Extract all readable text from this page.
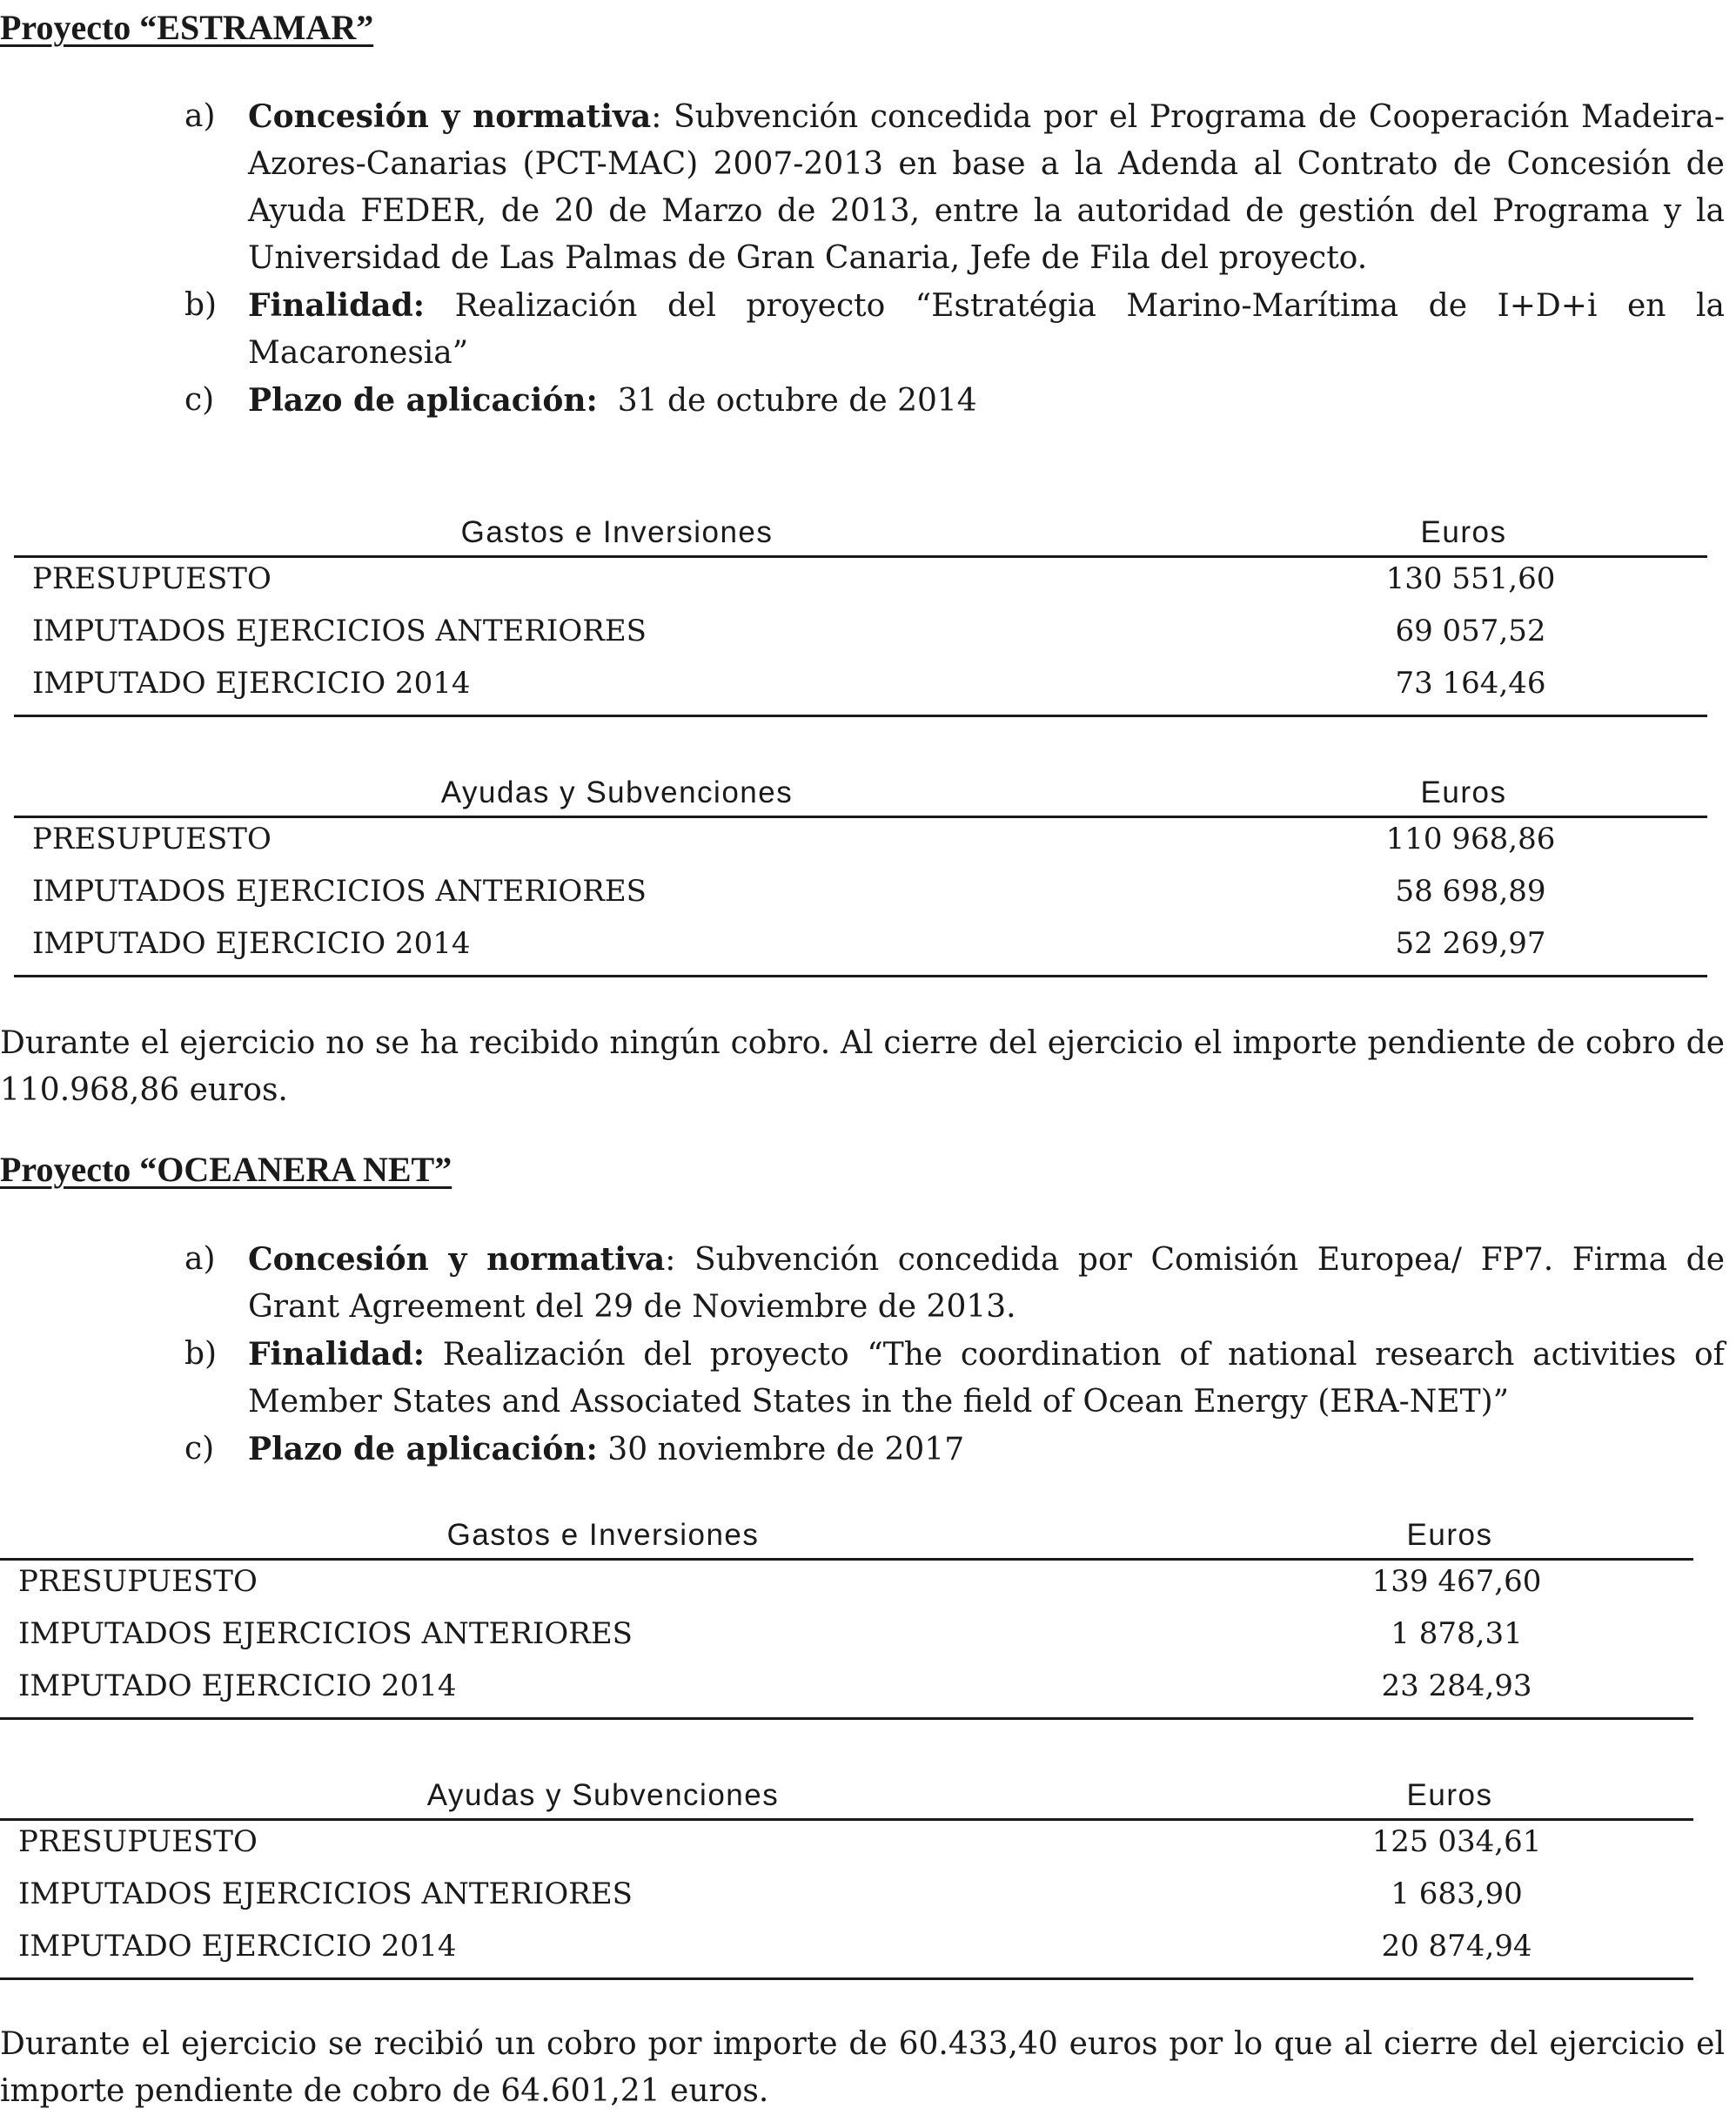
Proyecto “ESTRAMAR”
a) Concesión y normativa: Subvención concedida por el Programa de Cooperación Madeira-Azores-Canarias (PCT-MAC) 2007-2013 en base a la Adenda al Contrato de Concesión de Ayuda FEDER, de 20 de Marzo de 2013, entre la autoridad de gestión del Programa y la Universidad de Las Palmas de Gran Canaria, Jefe de Fila del proyecto.
b) Finalidad: Realización del proyecto “Estratégia Marino-Marítima de I+D+i en la Macaronesia”
c) Plazo de aplicación: 31 de octubre de 2014
Gastos e Inversiones	Euros
PRESUPUESTO	130 551,60
IMPUTADOS EJERCICIOS ANTERIORES	69 057,52
IMPUTADO EJERCICIO 2014	73 164,46
Ayudas y Subvenciones	Euros
PRESUPUESTO	110 968,86
IMPUTADOS EJERCICIOS ANTERIORES	58 698,89
IMPUTADO EJERCICIO 2014	52 269,97

Durante el ejercicio no se ha recibido ningún cobro. Al cierre del ejercicio el importe pendiente de cobro de 110.968,86 euros.

Proyecto “OCEANERA NET”
a) Concesión y normativa: Subvención concedida por Comisión Europea/ FP7. Firma de Grant Agreement del 29 de Noviembre de 2013.
b) Finalidad: Realización del proyecto “The coordination of national research activities of Member States and Associated States in the field of Ocean Energy (ERA-NET)”
c) Plazo de aplicación: 30 noviembre de 2017
Gastos e Inversiones	Euros
PRESUPUESTO	139 467,60
IMPUTADOS EJERCICIOS ANTERIORES	1 878,31
IMPUTADO EJERCICIO 2014	23 284,93
Ayudas y Subvenciones	Euros
PRESUPUESTO	125 034,61
IMPUTADOS EJERCICIOS ANTERIORES	1 683,90
IMPUTADO EJERCICIO 2014	20 874,94

Durante el ejercicio se recibió un cobro por importe de 60.433,40 euros por lo que al cierre del ejercicio el importe pendiente de cobro de 64.601,21 euros.
